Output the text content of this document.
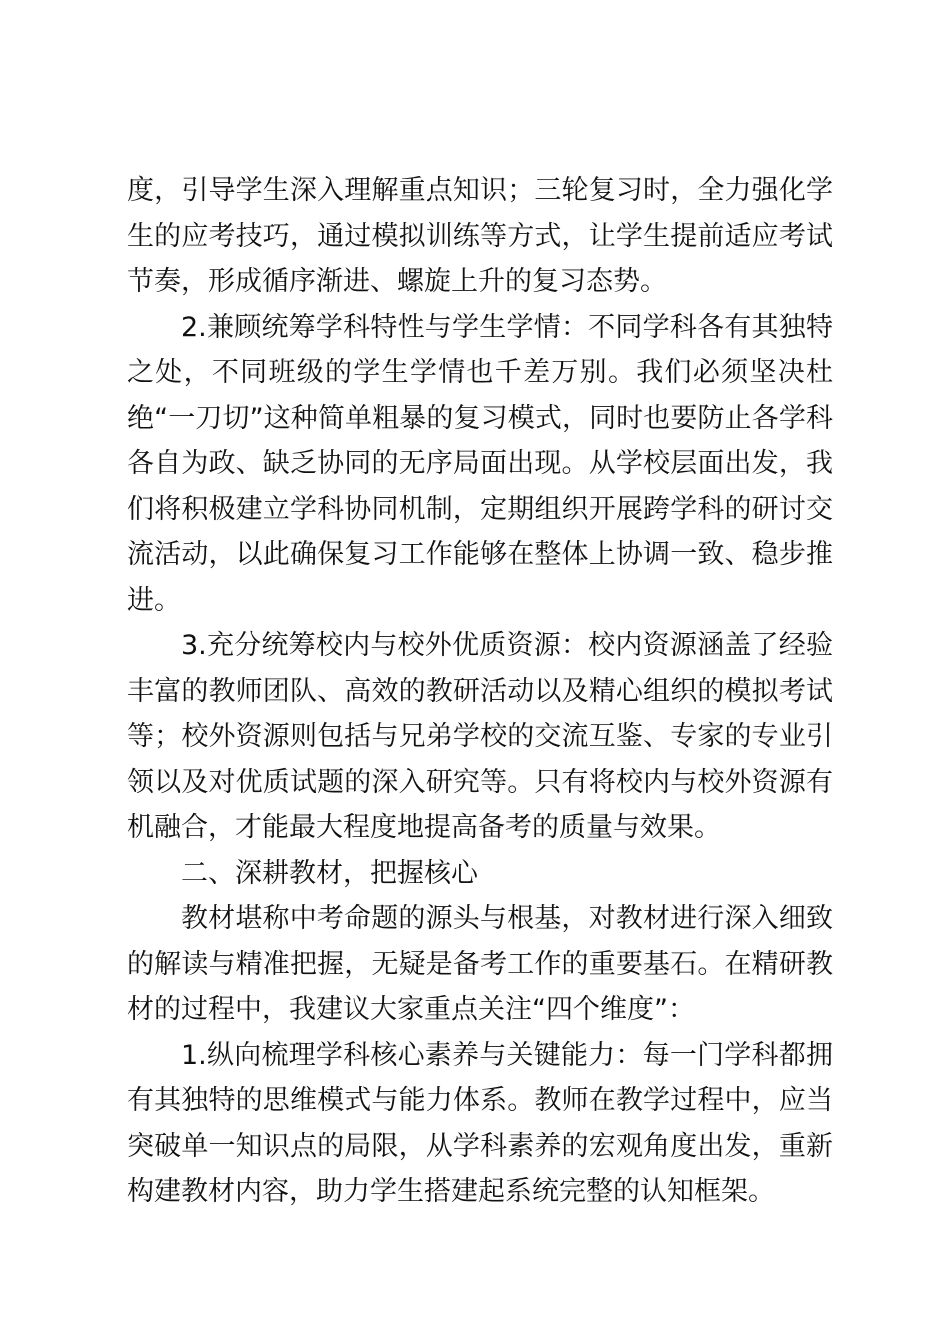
度，引导学生深入理解重点知识；三轮复习时，全力强化学生的应考技巧，通过模拟训练等方式，让学生提前适应考试节奏，形成循序渐进、螺旋上升的复习态势。

2.兼顾统筹学科特性与学生学情：不同学科各有其独特之处，不同班级的学生学情也千差万别。我们必须坚决杜绝“一刀切”这种简单粗暴的复习模式，同时也要防止各学科各自为政、缺乏协同的无序局面出现。从学校层面出发，我们将积极建立学科协同机制，定期组织开展跨学科的研讨交流活动，以此确保复习工作能够在整体上协调一致、稳步推进。

3.充分统筹校内与校外优质资源：校内资源涵盖了经验丰富的教师团队、高效的教研活动以及精心组织的模拟考试等；校外资源则包括与兄弟学校的交流互鉴、专家的专业引领以及对优质试题的深入研究等。只有将校内与校外资源有机融合，才能最大程度地提高备考的质量与效果。

二、深耕教材，把握核心

教材堪称中考命题的源头与根基，对教材进行深入细致的解读与精准把握，无疑是备考工作的重要基石。在精研教材的过程中，我建议大家重点关注“四个维度”：

1.纵向梳理学科核心素养与关键能力：每一门学科都拥有其独特的思维模式与能力体系。教师在教学过程中，应当突破单一知识点的局限，从学科素养的宏观角度出发，重新构建教材内容，助力学生搭建起系统完整的认知框架。
